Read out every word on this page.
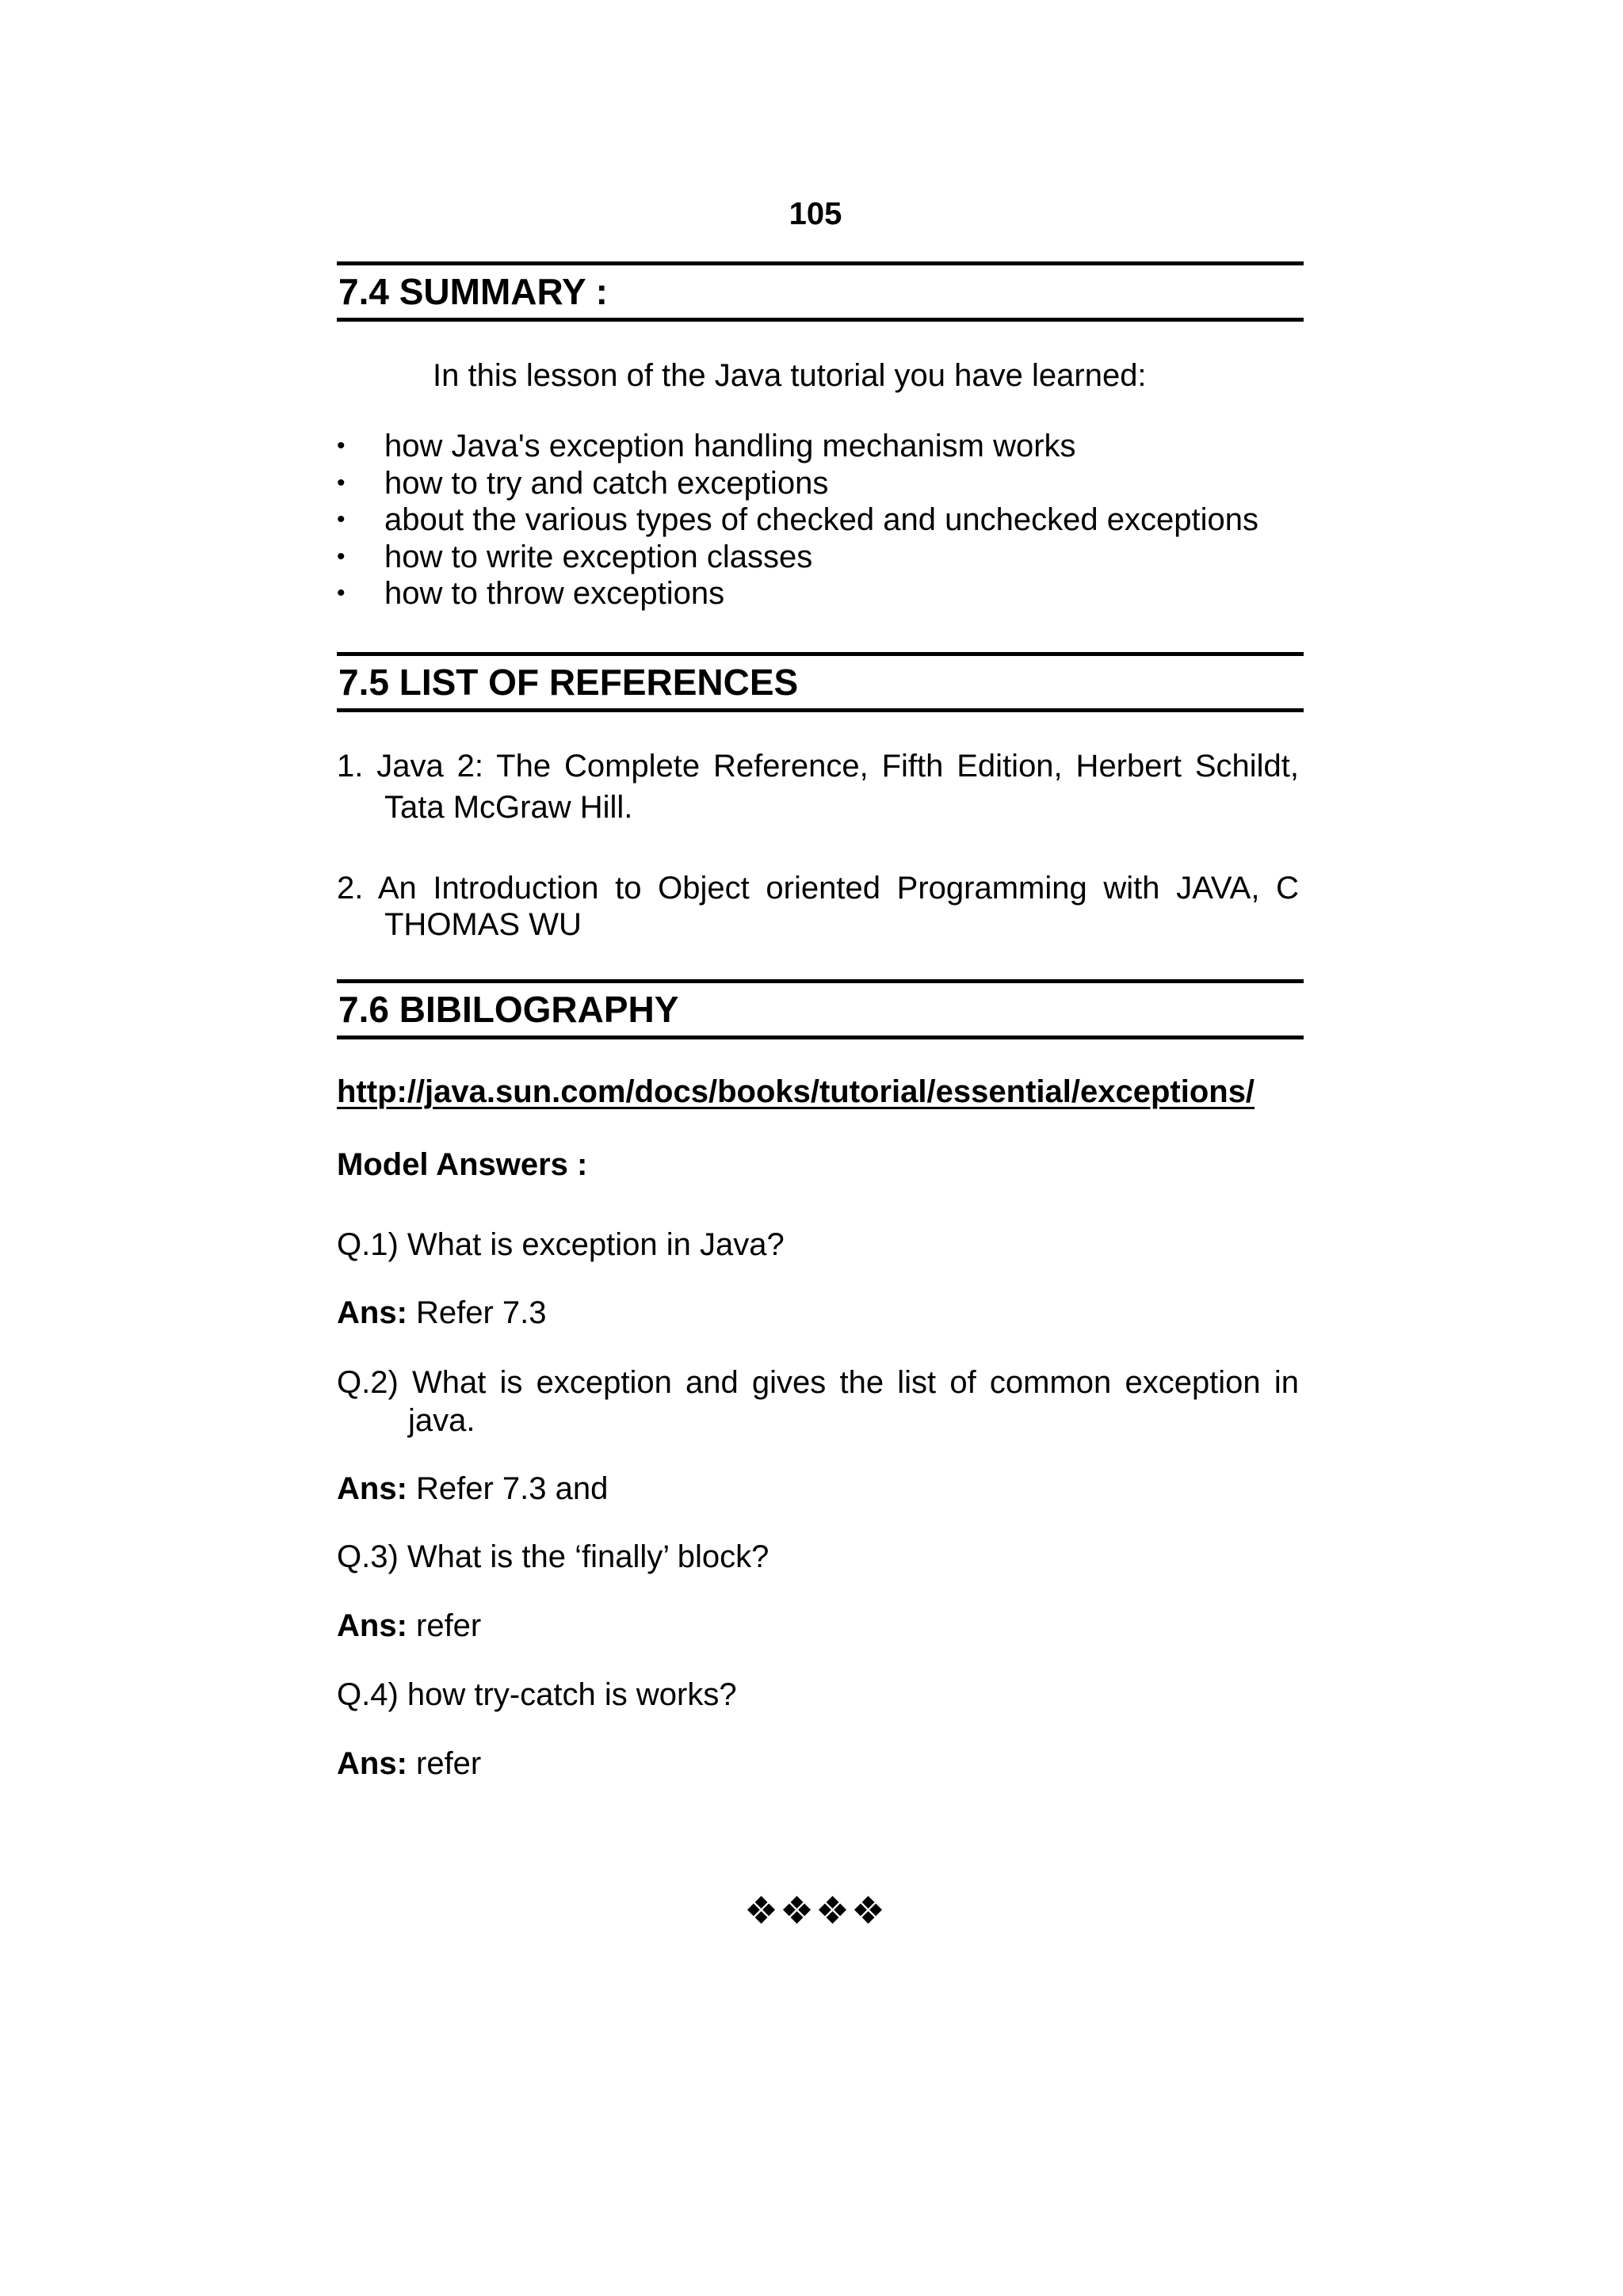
105
7.4 SUMMARY :
In this lesson of the Java tutorial you have learned:
•	how Java's exception handling mechanism works
•	how to try and catch exceptions
•	about the various types of checked and unchecked exceptions
•	how to write exception classes
•	how to throw exceptions
7.5 LIST OF REFERENCES
1. Java 2: The Complete Reference, Fifth Edition, Herbert Schildt,
Tata McGraw Hill.
2. An Introduction to Object oriented Programming with JAVA, C
THOMAS WU
7.6 BIBILOGRAPHY
http://java.sun.com/docs/books/tutorial/essential/exceptions/
Model Answers :
Q.1) What is exception in Java?
Ans: Refer 7.3
Q.2) What is exception and gives the list of common exception in
java.
Ans: Refer 7.3 and
Q.3) What is the ‘finally’ block?
Ans: refer
Q.4) how try-catch is works?
Ans: refer
❖❖❖❖
